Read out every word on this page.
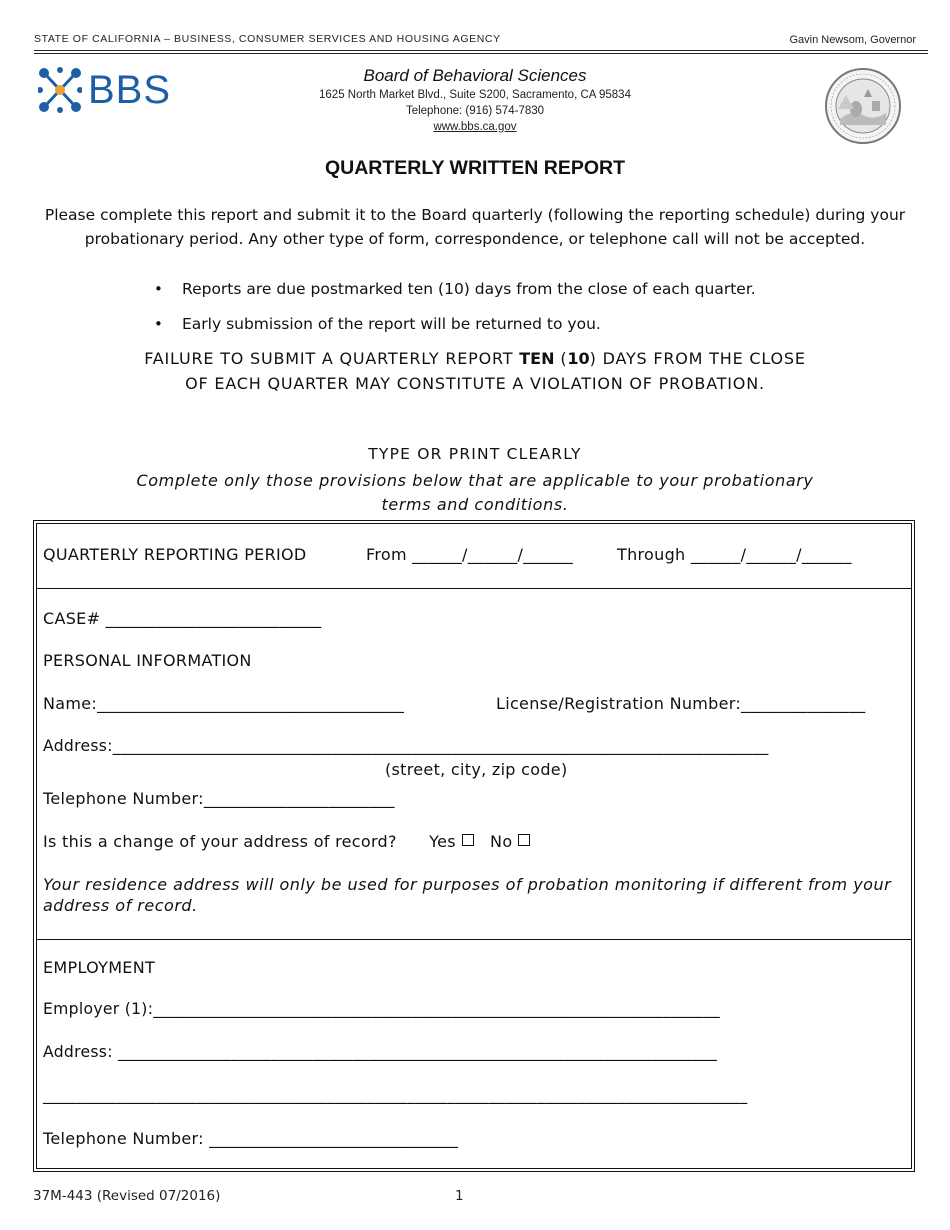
STATE OF CALIFORNIA – BUSINESS, CONSUMER SERVICES AND HOUSING AGENCY	Gavin Newsom, Governor
BBS	Board of Behavioral Sciences
1625 North Market Blvd., Suite S200, Sacramento, CA 95834
Telephone: (916) 574-7830
www.bbs.ca.gov
QUARTERLY WRITTEN REPORT
Please complete this report and submit it to the Board quarterly (following the reporting schedule) during your probationary period. Any other type of form, correspondence, or telephone call will not be accepted.
• Reports are due postmarked ten (10) days from the close of each quarter.
• Early submission of the report will be returned to you.
FAILURE TO SUBMIT A QUARTERLY REPORT TEN (10) DAYS FROM THE CLOSE OF EACH QUARTER MAY CONSTITUTE A VIOLATION OF PROBATION.
TYPE OR PRINT CLEARLY
Complete only those provisions below that are applicable to your probationary terms and conditions.
QUARTERLY REPORTING PERIOD	From ______/______/______	Through ______/______/______
CASE# __________________________
PERSONAL INFORMATION
Name:_____________________________________	License/Registration Number:_______________
Address:_________________________________________________________________________________
(street, city, zip code)
Telephone Number:_______________________
Is this a change of your address of record? Yes No
Your residence address will only be used for purposes of probation monitoring if different from your address of record.
EMPLOYMENT
Employer (1):______________________________________________________________________
Address: __________________________________________________________________________
_______________________________________________________________________________________
Telephone Number: ______________________________
37M-443 (Revised 07/2016)	1
